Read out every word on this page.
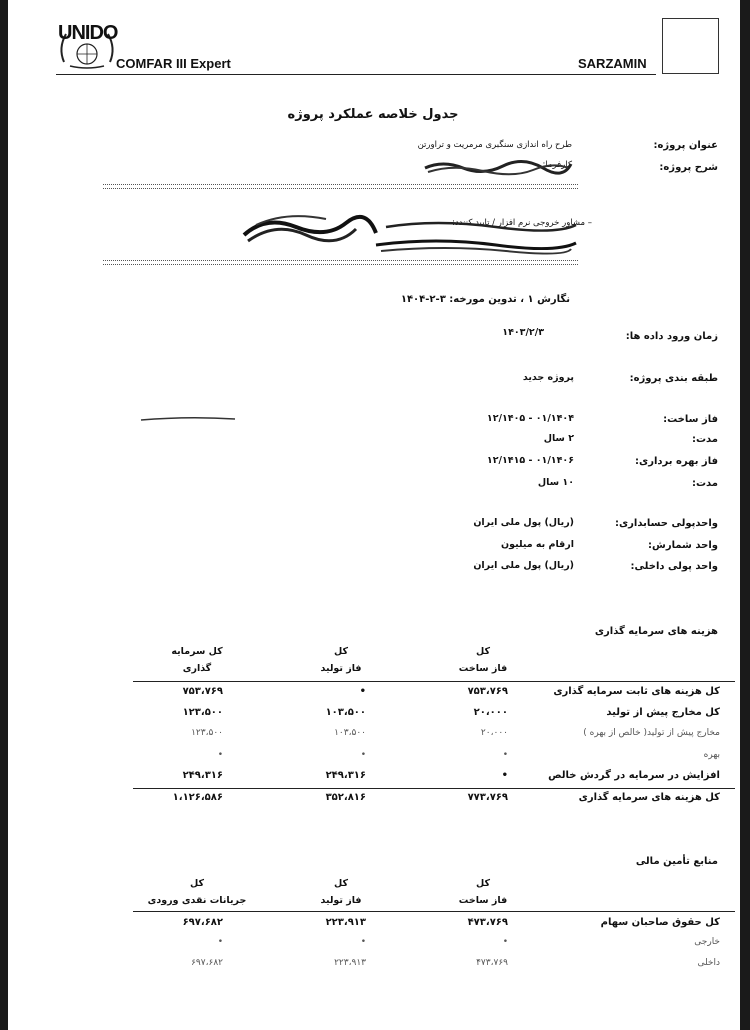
UNIDO
COMFAR III Expert	SARZAMIN
جدول خلاصه عملکرد پروژه
عنوان پروژه:
طرح راه اندازی سنگبری مرمریت و تراورتن
شرح پروژه:
کارفرما:
– مشاور خروجی نرم افزار / تایید کنندد:
نگارش ۱ ، تدوین مورخه: ۳-۲-۱۴۰۴
زمان ورود داده ها:
۱۴۰۳/۲/۳
طبقه بندی پروژه:
پروژه جدید
فاز ساخت:
۰۱/۱۴۰۴ - ۱۲/۱۴۰۵
مدت:
۲ سال
فاز بهره برداری:
۰۱/۱۴۰۶ - ۱۲/۱۴۱۵
مدت:
۱۰ سال
واحدپولی حسابداری:
(ریال) پول ملی ایران
واحد شمارش:
ارقام به میلیون
واحد پولی داخلی:
(ریال) پول ملی ایران
هزینه های سرمایه گذاری
کل
فاز ساخت
کل
فاز تولید
کل سرمایه
گذاری
کل هزینه های ثابت سرمایه گذاری
۷۵۳،۷۶۹
•
۷۵۳،۷۶۹
کل مخارج پیش از تولید
۲۰،۰۰۰
۱۰۳،۵۰۰
۱۲۳،۵۰۰
مخارج پیش از تولید( خالص از بهره )
۲۰،۰۰۰
۱۰۳،۵۰۰
۱۲۳،۵۰۰
بهره
•
•
•
افزایش در سرمایه در گردش خالص
•
۲۴۹،۳۱۶
۲۴۹،۳۱۶
کل هزینه های سرمایه گذاری
۷۷۳،۷۶۹
۳۵۲،۸۱۶
۱،۱۲۶،۵۸۶
منابع تأمین مالی
کل
فاز ساخت
کل
فاز تولید
کل
جریانات نقدی ورودی
کل حقوق صاحبان سهام
۴۷۳،۷۶۹
۲۲۳،۹۱۳
۶۹۷،۶۸۲
خارجی
•
•
•
داخلی
۴۷۳،۷۶۹
۲۲۳،۹۱۳
۶۹۷،۶۸۲
